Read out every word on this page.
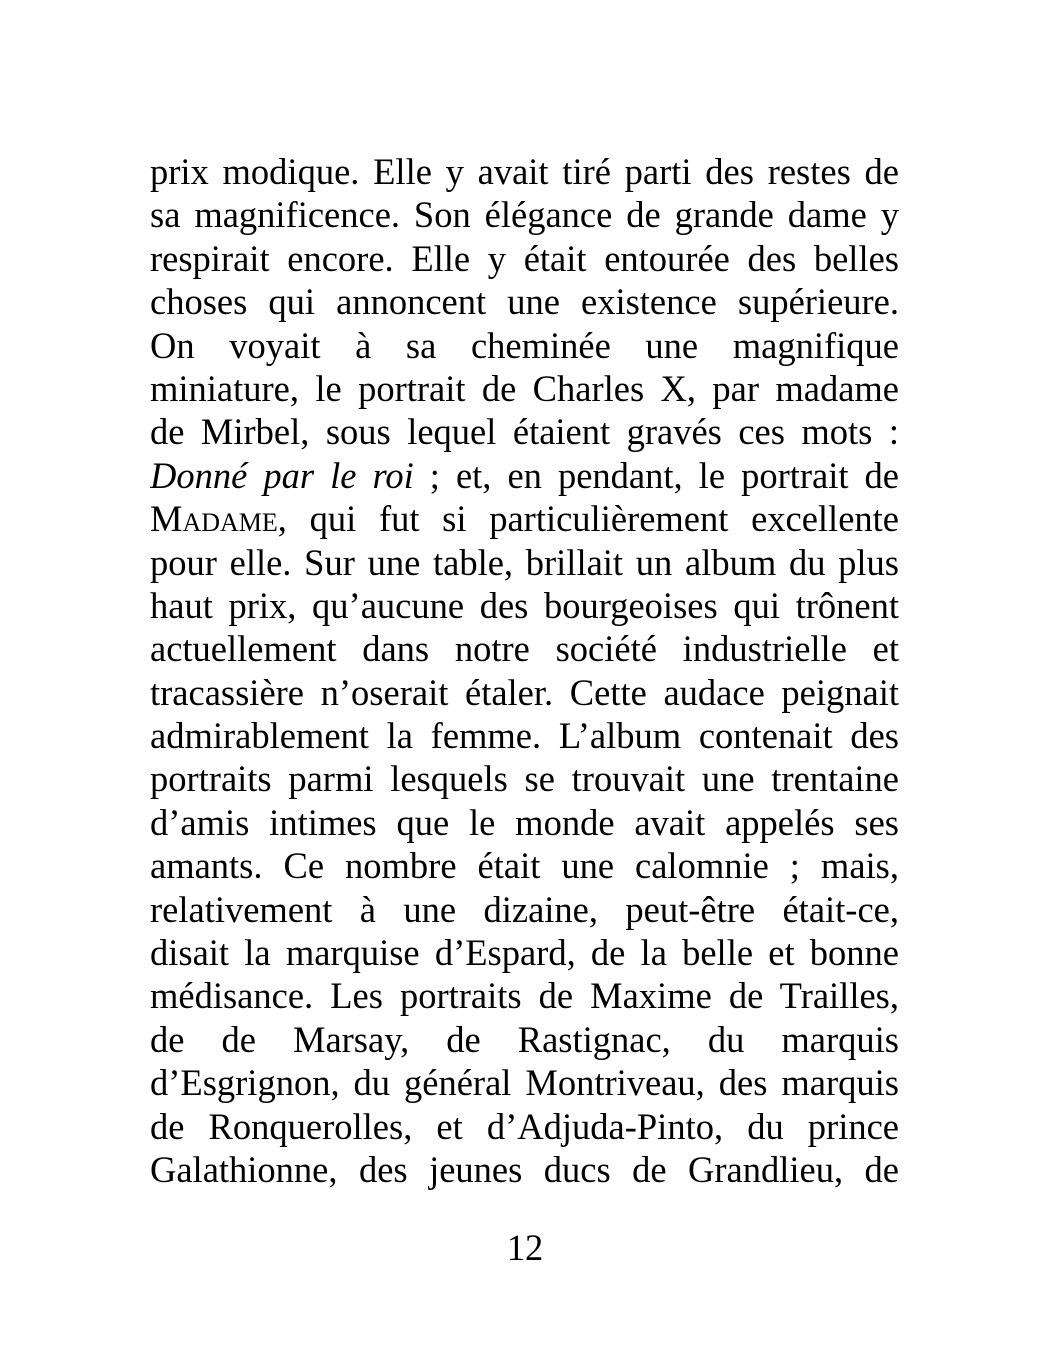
prix modique. Elle y avait tiré parti des restes de
sa magnificence. Son élégance de grande dame y
respirait encore. Elle y était entourée des belles
choses qui annoncent une existence supérieure.
On voyait à sa cheminée une magnifique
miniature, le portrait de Charles X, par madame
de Mirbel, sous lequel étaient gravés ces mots :
Donné par le roi ; et, en pendant, le portrait de
Madame, qui fut si particulièrement excellente
pour elle. Sur une table, brillait un album du plus
haut prix, qu’aucune des bourgeoises qui trônent
actuellement dans notre société industrielle et
tracassière n’oserait étaler. Cette audace peignait
admirablement la femme. L’album contenait des
portraits parmi lesquels se trouvait une trentaine
d’amis intimes que le monde avait appelés ses
amants. Ce nombre était une calomnie ; mais,
relativement à une dizaine, peut-être était-ce,
disait la marquise d’Espard, de la belle et bonne
médisance. Les portraits de Maxime de Trailles,
de de Marsay, de Rastignac, du marquis
d’Esgrignon, du général Montriveau, des marquis
de Ronquerolles, et d’Adjuda-Pinto, du prince
Galathionne, des jeunes ducs de Grandlieu, de
12
